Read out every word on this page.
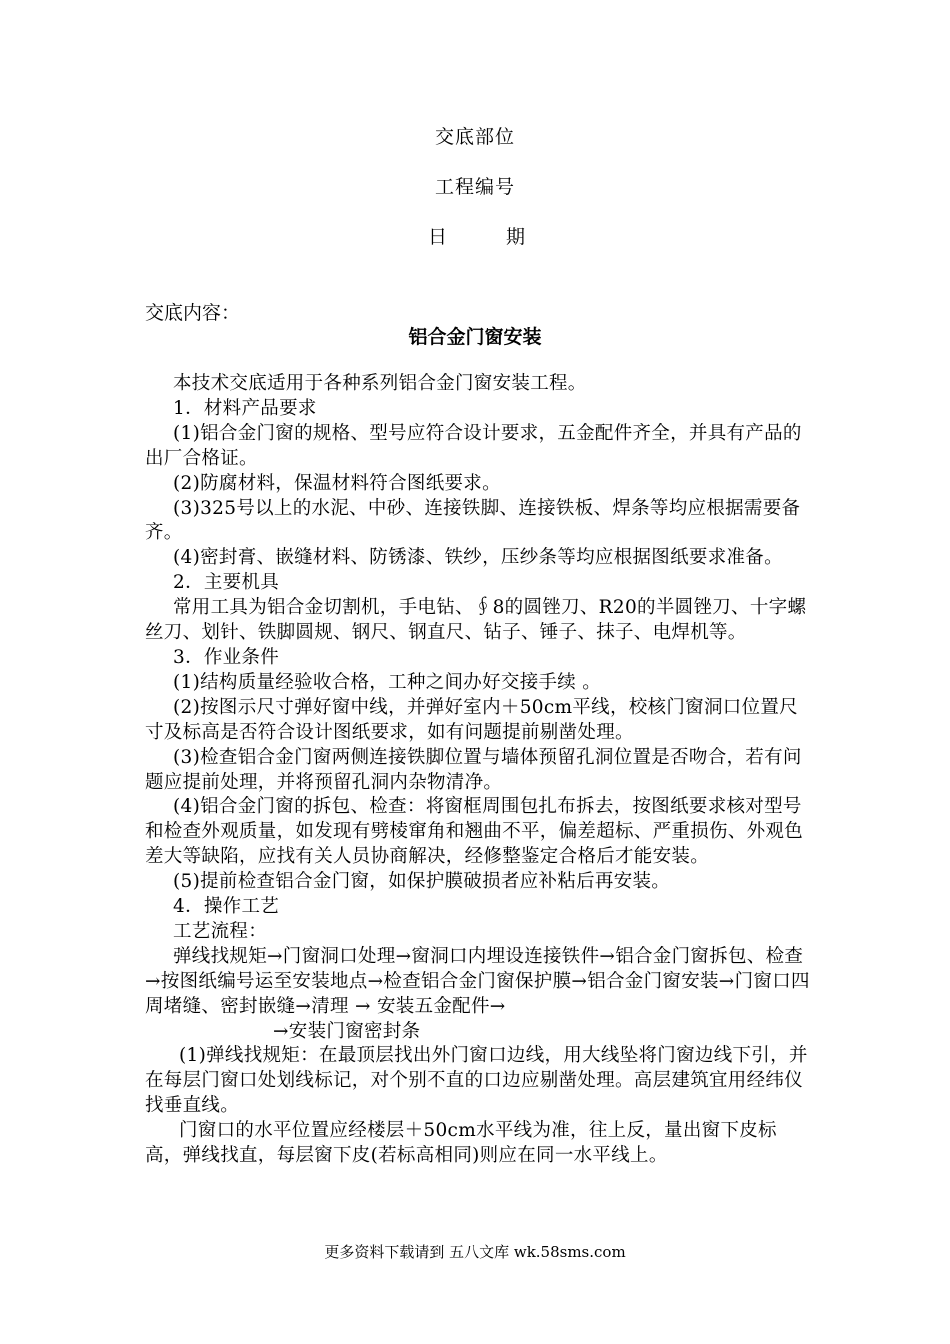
交底部位
工程编号
日	期
交底内容：
铝合金门窗安装

本技术交底适用于各种系列铝合金门窗安装工程。

1．材料产品要求

(1)铝合金门窗的规格、型号应符合设计要求，五金配件齐全，并具有产品的出厂合格证。

(2)防腐材料，保温材料符合图纸要求。

(3)325号以上的水泥、中砂、连接铁脚、连接铁板、焊条等均应根据需要备齐。

(4)密封膏、嵌缝材料、防锈漆、铁纱，压纱条等均应根据图纸要求准备。

2．主要机具

常用工具为铝合金切割机，手电钻、∮8的圆锉刀、R20的半圆锉刀、十字螺丝刀、划针、铁脚圆规、钢尺、钢直尺、钻子、锤子、抹子、电焊机等。

3．作业条件

(1)结构质量经验收合格，工种之间办好交接手续 。

(2)按图示尺寸弹好窗中线，并弹好室内＋50cm平线，校核门窗洞口位置尺寸及标高是否符合设计图纸要求，如有问题提前剔凿处理。

(3)检查铝合金门窗两侧连接铁脚位置与墙体预留孔洞位置是否吻合，若有问题应提前处理，并将预留孔洞内杂物清净。

(4)铝合金门窗的拆包、检查：将窗框周围包扎布拆去，按图纸要求核对型号和检查外观质量，如发现有劈棱窜角和翘曲不平，偏差超标、严重损伤、外观色差大等缺陷，应找有关人员协商解决，经修整鉴定合格后才能安装。

(5)提前检查铝合金门窗，如保护膜破损者应补粘后再安装。

4．操作工艺

工艺流程：

弹线找规矩→门窗洞口处理→窗洞口内埋设连接铁件→铝合金门窗拆包、检查→按图纸编号运至安装地点→检查铝合金门窗保护膜→铝合金门窗安装→门窗口四周堵缝、密封嵌缝→清理 → 安装五金配件→

→安装门窗密封条

(1)弹线找规矩：在最顶层找出外门窗口边线，用大线坠将门窗边线下引，并在每层门窗口处划线标记，对个别不直的口边应剔凿处理。高层建筑宜用经纬仪找垂直线。

门窗口的水平位置应经楼层＋50cm水平线为准，往上反，量出窗下皮标高，弹线找直，每层窗下皮(若标高相同)则应在同一水平线上。

更多资料下载请到 五八文库 wk.58sms.com
